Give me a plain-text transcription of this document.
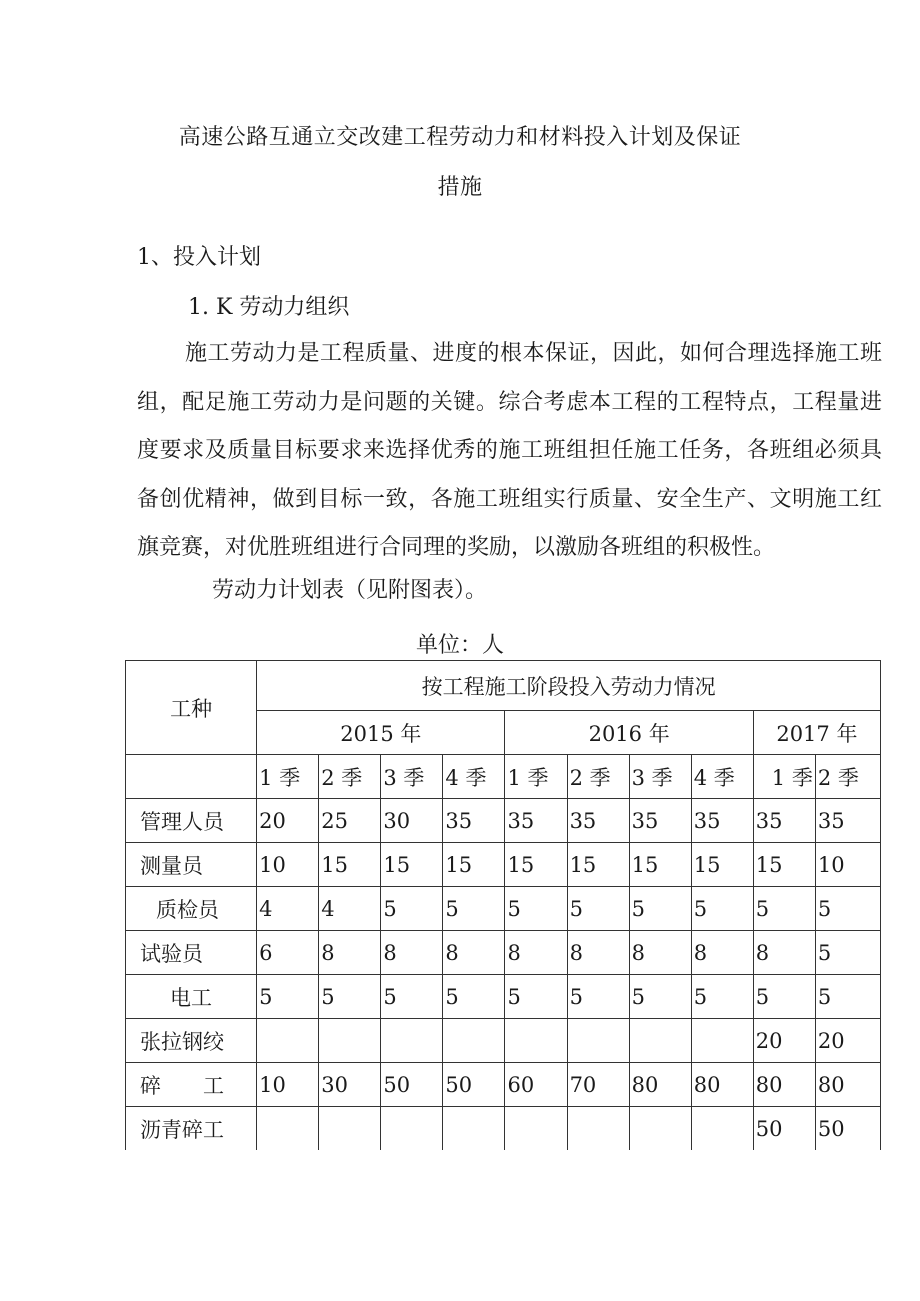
高速公路互通立交改建工程劳动力和材料投入计划及保证
措施
1、投入计划
1. K 劳动力组织
施工劳动力是工程质量、进度的根本保证，因此，如何合理选择施工班组，配足施工劳动力是问题的关键。综合考虑本工程的工程特点，工程量进度要求及质量目标要求来选择优秀的施工班组担任施工任务，各班组必须具备创优精神，做到目标一致，各施工班组实行质量、安全生产、文明施工红旗竞赛，对优胜班组进行合同理的奖励，以激励各班组的积极性。
劳动力计划表（见附图表）。
单位：人
工种	按工程施工阶段投入劳动力情况									
	2015 年				2016 年				2017 年	
	1 季	2 季	3 季	4 季	1 季	2 季	3 季	4 季	1 季	2 季
管理人员	20	25	30	35	35	35	35	35	35	35
测量员	10	15	15	15	15	15	15	15	15	10
质检员	4	4	5	5	5	5	5	5	5	5
试验员	6	8	8	8	8	8	8	8	8	5
电工	5	5	5	5	5	5	5	5	5	5
张拉钢绞									20	20
碎　　工	10	30	50	50	60	70	80	80	80	80
沥青碎工									50	50
